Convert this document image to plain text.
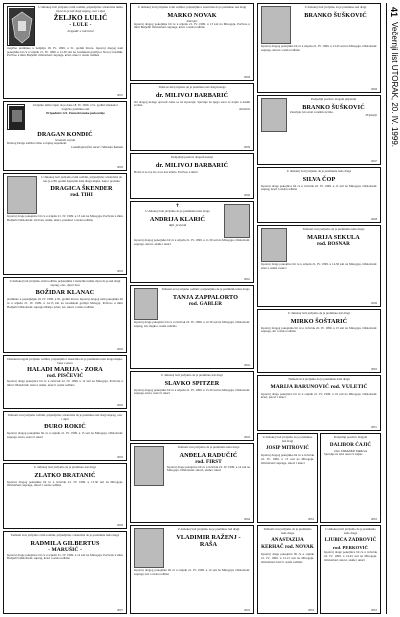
U dubokoj boli javljamo svim rodbini, prijateljima i znancima tužnu vijest da je naš dragi suprug, otac i djed
ŽELJKO LULIĆ
- LULE -
brigadir u mirovini
tragično preminuo u nedjelju 18. IV. 1999. u 51. godini života. Ispraćaj dragog nam pokojnika bit će u srijedu 21. IV. 1999. u 12.30 sati na Gradskom groblju u Novoj Gradiški. Počivao u miru Božjem! Ožalošćeni: supruga, kćeri, unuci i ostala rodbina
19831
Javljamo tužnu vijest da je dana 18. IV. 1999. u 51. godini iznenada i tragično preminuo naš
Pripadnici 121. Domobranske pukovnije
DRAGAN KONDIĆ
hrvatski vojnik
Dobrog Dragu zadržat ćemo u trajnoj uspomeni.
Lokalbuprarfski sarač i Mizusko Kabala
19830
U dubokoj boli javljamo svim rodbini, prijateljima i znancima da nas je u 80. godini napustila naša draga majka, baka i prabaka
DRAGICA ŠKENDER
rod. TIHI
Ispraćaj drage pokojnice bit će u srijedu 21. IV. 1999. u 13 sati na Mirogoju. Počivala u miru Božjem! Ožalošćeni: sin Ivan, snaha, unuci, praunuci i ostala rodbina
19832
U dubokoj boli javljamo svim rodbini, prijateljima i znancima tužnu vijest da je naš dragi suprug, otac, djed i brat
BOŽIDAR KLANAC
preminuo u ponedjeljak 19. IV. 1999. u 81. godini života. Ispraćaj dragog nam pokojnika bit će u srijedu 21. IV. 1999. u 14.15 sati na Gradskom groblju Mirogoj. Počivao u miru Božjem! Ožalošćeni: supruga Marija, kćeri, zet, unuci i ostala rodbina
19833
Dubokom tugom javljamo rodbini, prijateljima i znancima da je preminula naša draga majka, baka i sestra
HALADI MARIJA - ZORA
rod. PISČEVIĆ
Ispraćaj drage pokojnice bit će u četvrtak 22. IV. 1999. u 12 sati na Mirogoju. Počivala u miru! Ožalošćeni: sinovi, snahe, unuci i ostala rodbina
19834
Tužnom srcu javljamo rodbini, prijateljima i znancima da je preminuo naš dragi suprug, otac i djed
ĐURO ROKIĆ
Ispraćaj dragog pokojnika bit će u srijedu 21. IV. 1999. u 15 sati na Mirogoju. Ožalošćeni: supruga, kćeri, zetovi i unuci
19835
U dubokoj boli javljamo da je preminuo naš dragi
ZLATKO BRATANIĆ
Ispraćaj dragog pokojnika bit će u četvrtak 22. IV. 1999. u 13.30 sati na Mirogoju. Ožalošćeni: supruga, sinovi i ostala rodbina
19836
Tužnom srcu javljamo svim rodbini, prijateljima i znancima da je preminula naša draga
RADMILA GILBERTUS
- MARUŠIĆ -
Ispraćaj drage pokojnice bit će u srijedu 21. IV. 1999. u 14 sati na Mirogoju. Počivala u miru Božjem! Ožalošćeni: suprug, kćeri i ostala rodbina
19837
U dubokoj boli javljamo svim rodbini, prijateljima i znancima da je preminuo naš dragi
MARKO NOVAK
inženjer
Ispraćaj dragog pokojnika bit će u srijedu 21. IV. 1999. u 13 sati na Mirogoju. Počivao u miru Božjem! Ožalošćeni: supruga, kćeri i ostala rodbina
19838
Tužni srcem javljamo da je preminuo naš dragi kolega
dr. MILIVOJ BARBARIĆ
Od dragog kolege oprostit ćemo se na ispraćaju. Sjećanje na njega ostat će trajno u našim srcima.
Kolektiv
19839
Posljednji pozdrav dragom kolegi
dr. MILIVOJ BARBARIĆ
Hvala ti za sve što si za nas učinio. Počivao u miru!
19840
✝
U dubokoj boli javljamo da je preminula naša draga
ANDRIJA KLARIĆ
dipl. pravnik
Ispraćaj dragog pokojnika bit će u srijedu 21. IV. 1999. u 11.30 sati na Mirogoju. Ožalošćeni: supruga, sinovi, snahe i unuci
19841
Tužnom srcu javljamo rodbini i prijateljima da je preminula naša draga
TANJA ZAPPALORTO
rod. GABLER
Ispraćaj drage pokojnice bit će u četvrtak 22. IV. 1999. u 12.30 sati na Mirogoju. Ožalošćeni: suprug, sin, majka i ostala rodbina
19842
U dubokoj boli javljamo da je preminuo naš dragi
SLAVKO SPITZER
Ispraćaj dragog pokojnika bit će u srijedu 21. IV. 1999. u 15.30 sati na Mirogoju. Ožalošćeni: supruga, kćeri, zetovi i unuci
19843
Tužnom srcu javljamo da je preminula naša draga
ANĐELA RADUČIĆ
rod. FIRST
Ispraćaj drage pokojnice bit će u četvrtak 22. IV. 1999. u 14 sati na Mirogoju. Ožalošćeni: sinovi, snahe i unuci
19844
U dubokoj boli javljamo da je preminuo naš dragi
VLADIMIR RAŽENJ - RAŠA
Ispraćaj dragog pokojnika bit će u srijedu 21. IV. 1999. u 12 sati na Mirogoju. Ožalošćeni: supruga, kći i ostala rodbina
19845
U dubokoj boli javljamo da je preminuo naš dragi
BRANKO ŠUŠKOVIĆ
Ispraćaj dragog pokojnika bit će u srijedu 21. IV. 1999. u 13.45 sati na Mirogoju. Ožalošćeni: supruga, sinovi i ostala rodbina
19846
Posljednji pozdrav dragom prijatelju
BRANKO ŠUŠKOVIĆ
Zauvijek ćeš ostati u našim srcima.
Prijatelji
19847
U dubokoj boli javljamo da je preminula naša draga
SILVA ČOP
Ispraćaj drage pokojnice bit će u četvrtak 22. IV. 1999. u 11 sati na Mirogoju. Ožalošćeni: suprug, kćeri i ostala rodbina
19848
Tužnom srcu javljamo da je preminula naša draga
MARIJA SEKULA
rod. BOSNAR
Ispraćaj drage pokojnice bit će u srijedu 21. IV. 1999. u 14.30 sati na Mirogoju. Ožalošćeni: sinovi, snahe i unuci
19849
U dubokoj boli javljamo da je preminuo naš dragi
MIRKO ŠOŠTARIĆ
Ispraćaj dragog pokojnika bit će u četvrtak 22. IV. 1999. u 15 sati na Mirogoju. Ožalošćeni: supruga, sin i ostala rodbina
19850
Tužnom srcu javljamo da je preminula naša draga
MARIJA BARUNOVIĆ rod. VULETIĆ
Ispraćaj drage pokojnice bit će u srijedu 21. IV. 1999. u 16 sati na Mirogoju. Ožalošćeni: kćeri, zetovi i unuci
19851
U dubokoj boli javljamo da je preminuo naš dragi
JOSIP MITROVIĆ
Ispraćaj dragog pokojnika bit će u četvrtak 22. IV. 1999. u 13 sati na Mirogoju. Ožalošćeni: supruga, sinovi i unuci
19852
Posljednji pozdrav dragom
DALIBOR ĆAJIĆ
član STRANKE DRAGA
Sjećanje na tebe ostat će trajno.
19853
Tužnom srcu javljamo da je preminula naša draga
ANASTAZIJA KERHAČ rod. NOVAK
Ispraćaj drage pokojnice bit će u srijedu 21. IV. 1999. u 12.15 sati na Mirogoju. Ožalošćeni: kćeri i ostala rodbina
19854
U dubokoj boli javljamo da je preminula naša draga
LJUBICA ZADROVIĆ
rod. PERKOVIĆ
Ispraćaj drage pokojnice bit će u četvrtak 22. IV. 1999. u 14.45 sati na Mirogoju. Ožalošćeni: sinovi, snahe i unuci
19855
41  Večernji list UTORAK, 20. IV. 1999.
